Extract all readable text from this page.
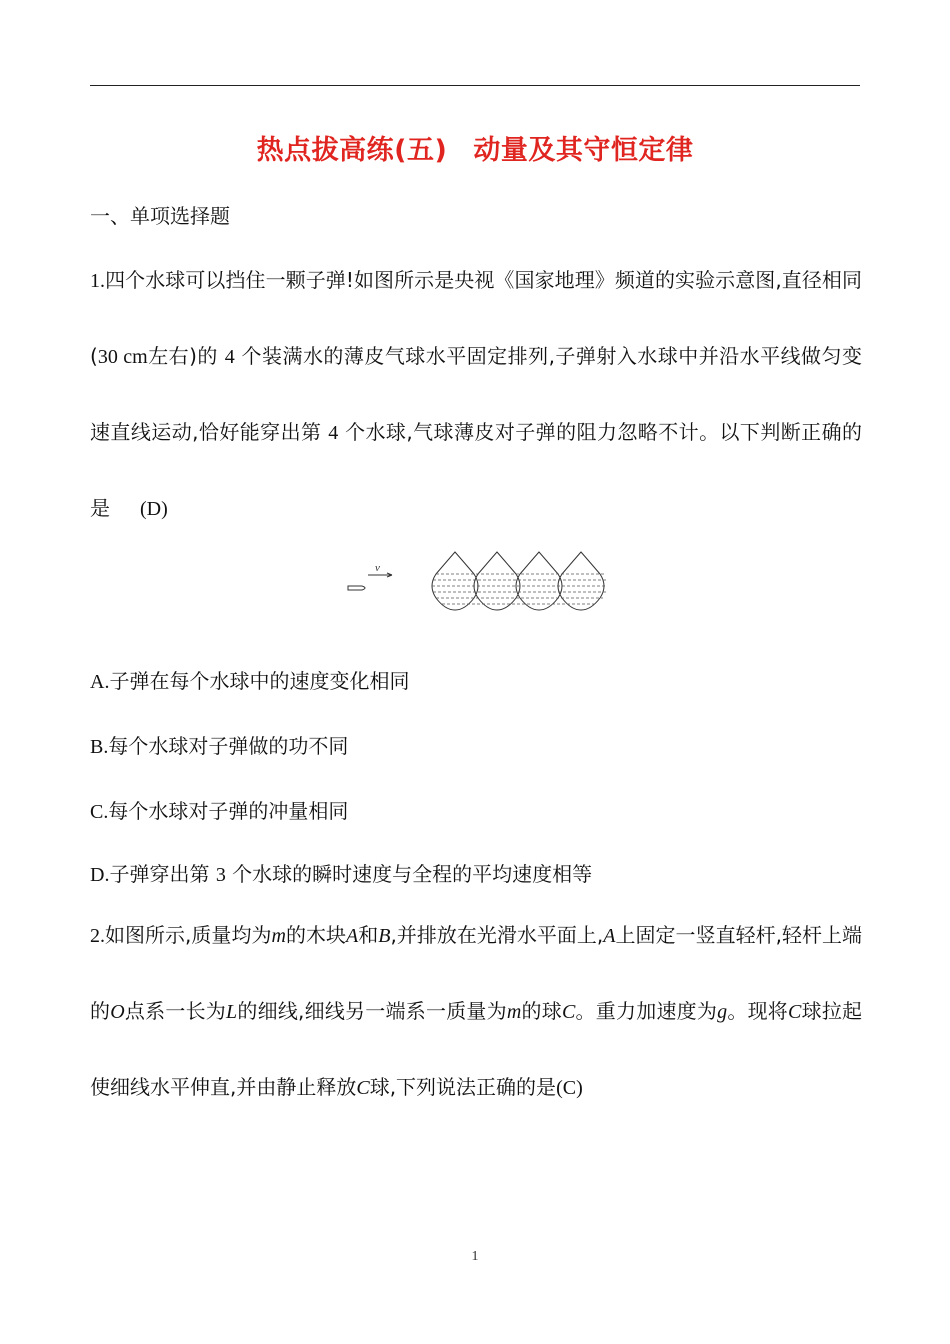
热点拔高练(五) 动量及其守恒定律
一、单项选择题
1.四个水球可以挡住一颗子弹!如图所示是央视《国家地理》频道的实验示意图,直径相同(30 cm左右)的 4 个装满水的薄皮气球水平固定排列,子弹射入水球中并沿水平线做匀变速直线运动,恰好能穿出第 4 个水球,气球薄皮对子弹的阻力忽略不计。以下判断正确的是 (D)
v
A.子弹在每个水球中的速度变化相同
B.每个水球对子弹做的功不同
C.每个水球对子弹的冲量相同
D.子弹穿出第 3 个水球的瞬时速度与全程的平均速度相等
2.如图所示,质量均为m的木块A和B,并排放在光滑水平面上,A上固定一竖直轻杆,轻杆上端的O点系一长为L的细线,细线另一端系一质量为m的球C。重力加速度为g。现将C球拉起使细线水平伸直,并由静止释放C球,下列说法正确的是(C)
1
